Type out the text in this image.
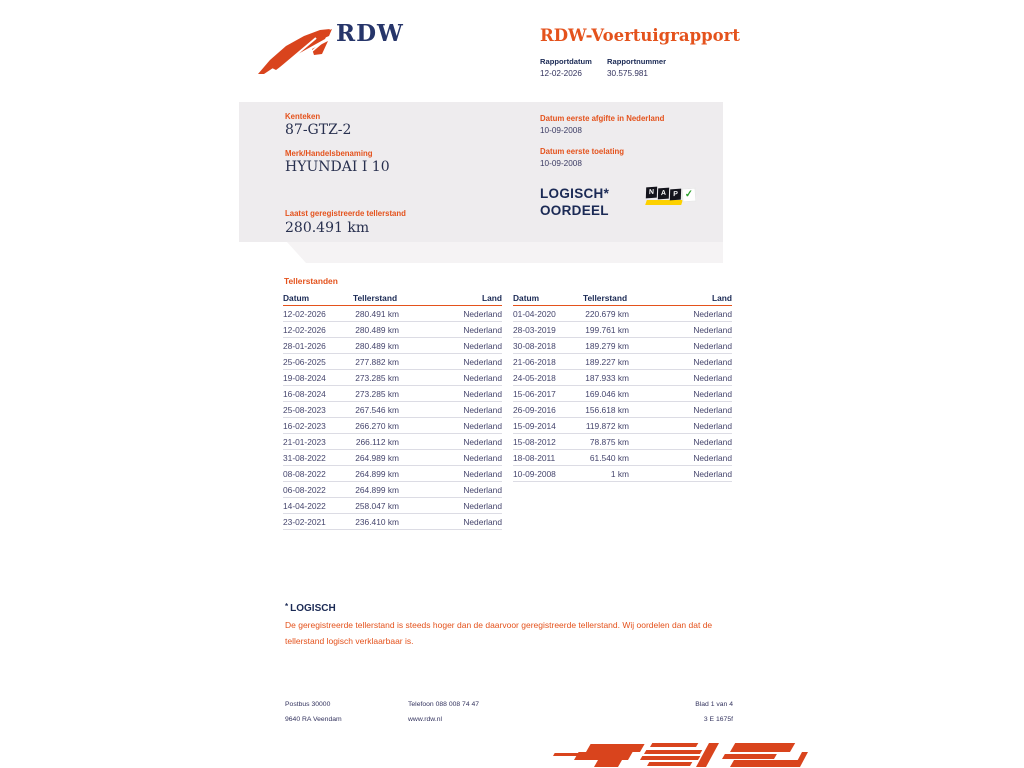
RDW	RDW-Voertuigrapport
Rapportdatum Rapportnummer
12-02-2026	30.575.981
Kenteken
87-GTZ-2
Merk/Handelsbenaming
HYUNDAI I 10
Laatst geregistreerde tellerstand
280.491 km
Datum eerste afgifte in Nederland
10-09-2008
Datum eerste toelating
10-09-2008
LOGISCH*
OORDEEL
N A P ✓
Tellerstanden
Datum	Tellerstand	Land
12-02-2026	280.491 km	Nederland
12-02-2026	280.489 km	Nederland
28-01-2026	280.489 km	Nederland
25-06-2025	277.882 km	Nederland
19-08-2024	273.285 km	Nederland
16-08-2024	273.285 km	Nederland
25-08-2023	267.546 km	Nederland
16-02-2023	266.270 km	Nederland
21-01-2023	266.112 km	Nederland
31-08-2022	264.989 km	Nederland
08-08-2022	264.899 km	Nederland
06-08-2022	264.899 km	Nederland
14-04-2022	258.047 km	Nederland
23-02-2021	236.410 km	Nederland
Datum	Tellerstand	Land
01-04-2020	220.679 km	Nederland
28-03-2019	199.761 km	Nederland
30-08-2018	189.279 km	Nederland
21-06-2018	189.227 km	Nederland
24-05-2018	187.933 km	Nederland
15-06-2017	169.046 km	Nederland
26-09-2016	156.618 km	Nederland
15-09-2014	119.872 km	Nederland
15-08-2012	78.875 km	Nederland
18-08-2011	61.540 km	Nederland
10-09-2008	1 km	Nederland
* LOGISCH
De geregistreerde tellerstand is steeds hoger dan de daarvoor geregistreerde tellerstand. Wij oordelen dan dat de tellerstand logisch verklaarbaar is.
Postbus 30000
9640 RA Veendam
Telefoon 088 008 74 47
www.rdw.nl
Blad 1 van 4
3 E 1675f
